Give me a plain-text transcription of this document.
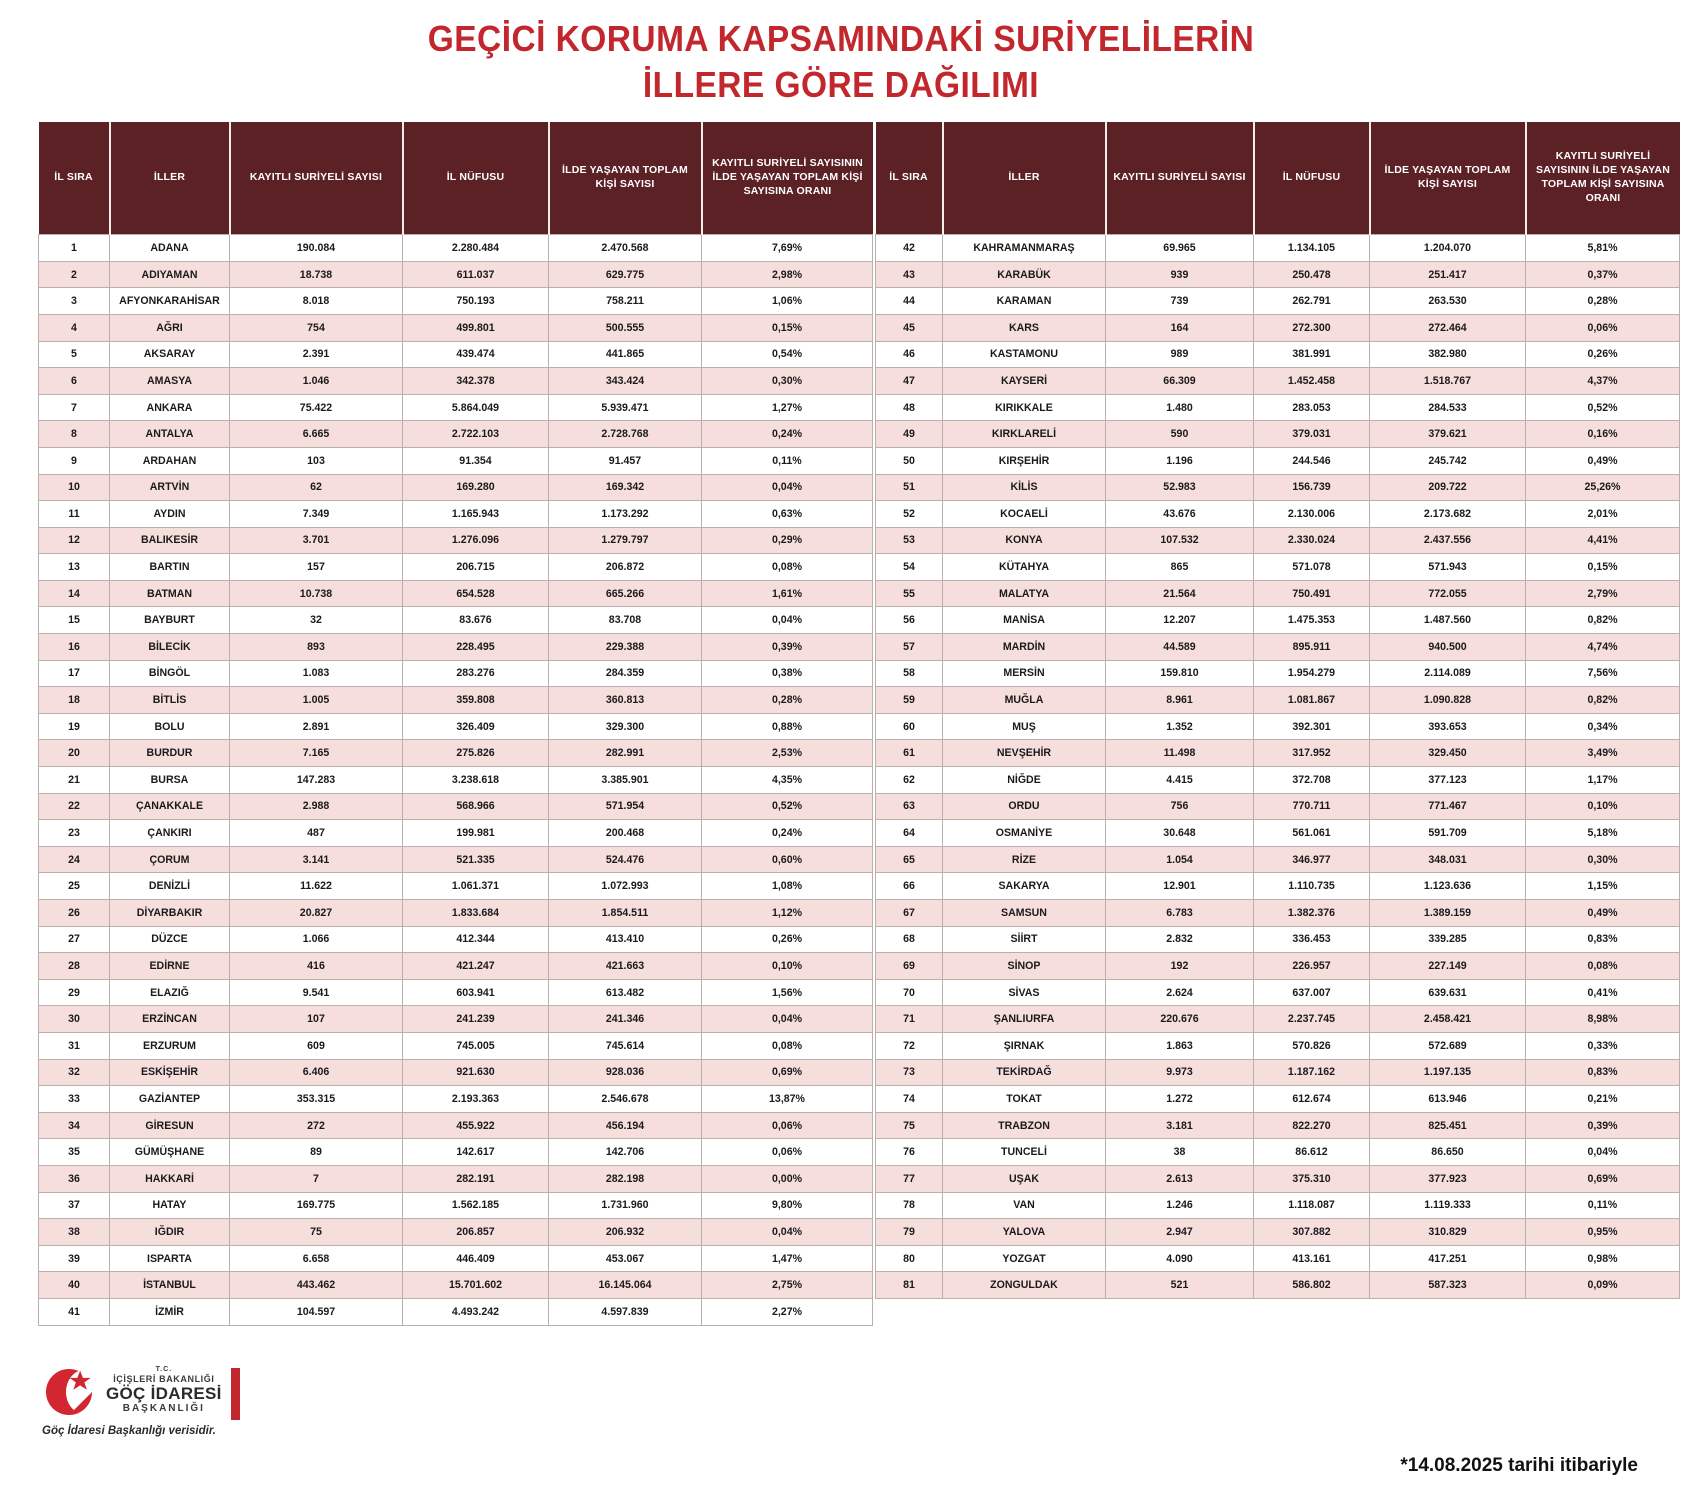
GEÇİCİ KORUMA KAPSAMINDAKİ SURİYELİLERİN
İLLERE GÖRE DAĞILIMI
İL SIRA	İLLER	KAYITLI SURİYELİ SAYISI	İL NÜFUSU	İLDE YAŞAYAN TOPLAM KİŞİ SAYISI	KAYITLI SURİYELİ SAYISININ İLDE YAŞAYAN TOPLAM KİŞİ SAYISINA ORANI
1	ADANA	190.084	2.280.484	2.470.568	7,69%
2	ADIYAMAN	18.738	611.037	629.775	2,98%
3	AFYONKARAHİSAR	8.018	750.193	758.211	1,06%
4	AĞRI	754	499.801	500.555	0,15%
5	AKSARAY	2.391	439.474	441.865	0,54%
6	AMASYA	1.046	342.378	343.424	0,30%
7	ANKARA	75.422	5.864.049	5.939.471	1,27%
8	ANTALYA	6.665	2.722.103	2.728.768	0,24%
9	ARDAHAN	103	91.354	91.457	0,11%
10	ARTVİN	62	169.280	169.342	0,04%
11	AYDIN	7.349	1.165.943	1.173.292	0,63%
12	BALIKESİR	3.701	1.276.096	1.279.797	0,29%
13	BARTIN	157	206.715	206.872	0,08%
14	BATMAN	10.738	654.528	665.266	1,61%
15	BAYBURT	32	83.676	83.708	0,04%
16	BİLECİK	893	228.495	229.388	0,39%
17	BİNGÖL	1.083	283.276	284.359	0,38%
18	BİTLİS	1.005	359.808	360.813	0,28%
19	BOLU	2.891	326.409	329.300	0,88%
20	BURDUR	7.165	275.826	282.991	2,53%
21	BURSA	147.283	3.238.618	3.385.901	4,35%
22	ÇANAKKALE	2.988	568.966	571.954	0,52%
23	ÇANKIRI	487	199.981	200.468	0,24%
24	ÇORUM	3.141	521.335	524.476	0,60%
25	DENİZLİ	11.622	1.061.371	1.072.993	1,08%
26	DİYARBAKIR	20.827	1.833.684	1.854.511	1,12%
27	DÜZCE	1.066	412.344	413.410	0,26%
28	EDİRNE	416	421.247	421.663	0,10%
29	ELAZIĞ	9.541	603.941	613.482	1,56%
30	ERZİNCAN	107	241.239	241.346	0,04%
31	ERZURUM	609	745.005	745.614	0,08%
32	ESKİŞEHİR	6.406	921.630	928.036	0,69%
33	GAZİANTEP	353.315	2.193.363	2.546.678	13,87%
34	GİRESUN	272	455.922	456.194	0,06%
35	GÜMÜŞHANE	89	142.617	142.706	0,06%
36	HAKKARİ	7	282.191	282.198	0,00%
37	HATAY	169.775	1.562.185	1.731.960	9,80%
38	IĞDIR	75	206.857	206.932	0,04%
39	ISPARTA	6.658	446.409	453.067	1,47%
40	İSTANBUL	443.462	15.701.602	16.145.064	2,75%
41	İZMİR	104.597	4.493.242	4.597.839	2,27%
İL SIRA	İLLER	KAYITLI SURİYELİ SAYISI	İL NÜFUSU	İLDE YAŞAYAN TOPLAM KİŞİ SAYISI	KAYITLI SURİYELİ SAYISININ İLDE YAŞAYAN TOPLAM KİŞİ SAYISINA ORANI
42	KAHRAMANMARAŞ	69.965	1.134.105	1.204.070	5,81%
43	KARABÜK	939	250.478	251.417	0,37%
44	KARAMAN	739	262.791	263.530	0,28%
45	KARS	164	272.300	272.464	0,06%
46	KASTAMONU	989	381.991	382.980	0,26%
47	KAYSERİ	66.309	1.452.458	1.518.767	4,37%
48	KIRIKKALE	1.480	283.053	284.533	0,52%
49	KIRKLARELİ	590	379.031	379.621	0,16%
50	KIRŞEHİR	1.196	244.546	245.742	0,49%
51	KİLİS	52.983	156.739	209.722	25,26%
52	KOCAELİ	43.676	2.130.006	2.173.682	2,01%
53	KONYA	107.532	2.330.024	2.437.556	4,41%
54	KÜTAHYA	865	571.078	571.943	0,15%
55	MALATYA	21.564	750.491	772.055	2,79%
56	MANİSA	12.207	1.475.353	1.487.560	0,82%
57	MARDİN	44.589	895.911	940.500	4,74%
58	MERSİN	159.810	1.954.279	2.114.089	7,56%
59	MUĞLA	8.961	1.081.867	1.090.828	0,82%
60	MUŞ	1.352	392.301	393.653	0,34%
61	NEVŞEHİR	11.498	317.952	329.450	3,49%
62	NİĞDE	4.415	372.708	377.123	1,17%
63	ORDU	756	770.711	771.467	0,10%
64	OSMANİYE	30.648	561.061	591.709	5,18%
65	RİZE	1.054	346.977	348.031	0,30%
66	SAKARYA	12.901	1.110.735	1.123.636	1,15%
67	SAMSUN	6.783	1.382.376	1.389.159	0,49%
68	SİİRT	2.832	336.453	339.285	0,83%
69	SİNOP	192	226.957	227.149	0,08%
70	SİVAS	2.624	637.007	639.631	0,41%
71	ŞANLIURFA	220.676	2.237.745	2.458.421	8,98%
72	ŞIRNAK	1.863	570.826	572.689	0,33%
73	TEKİRDAĞ	9.973	1.187.162	1.197.135	0,83%
74	TOKAT	1.272	612.674	613.946	0,21%
75	TRABZON	3.181	822.270	825.451	0,39%
76	TUNCELİ	38	86.612	86.650	0,04%
77	UŞAK	2.613	375.310	377.923	0,69%
78	VAN	1.246	1.118.087	1.119.333	0,11%
79	YALOVA	2.947	307.882	310.829	0,95%
80	YOZGAT	4.090	413.161	417.251	0,98%
81	ZONGULDAK	521	586.802	587.323	0,09%

T.C.
İÇİŞLERİ BAKANLIĞI
GÖÇ İDARESİ
BAŞKANLIĞI
Göç İdaresi Başkanlığı verisidir.
*14.08.2025 tarihi itibariyle
